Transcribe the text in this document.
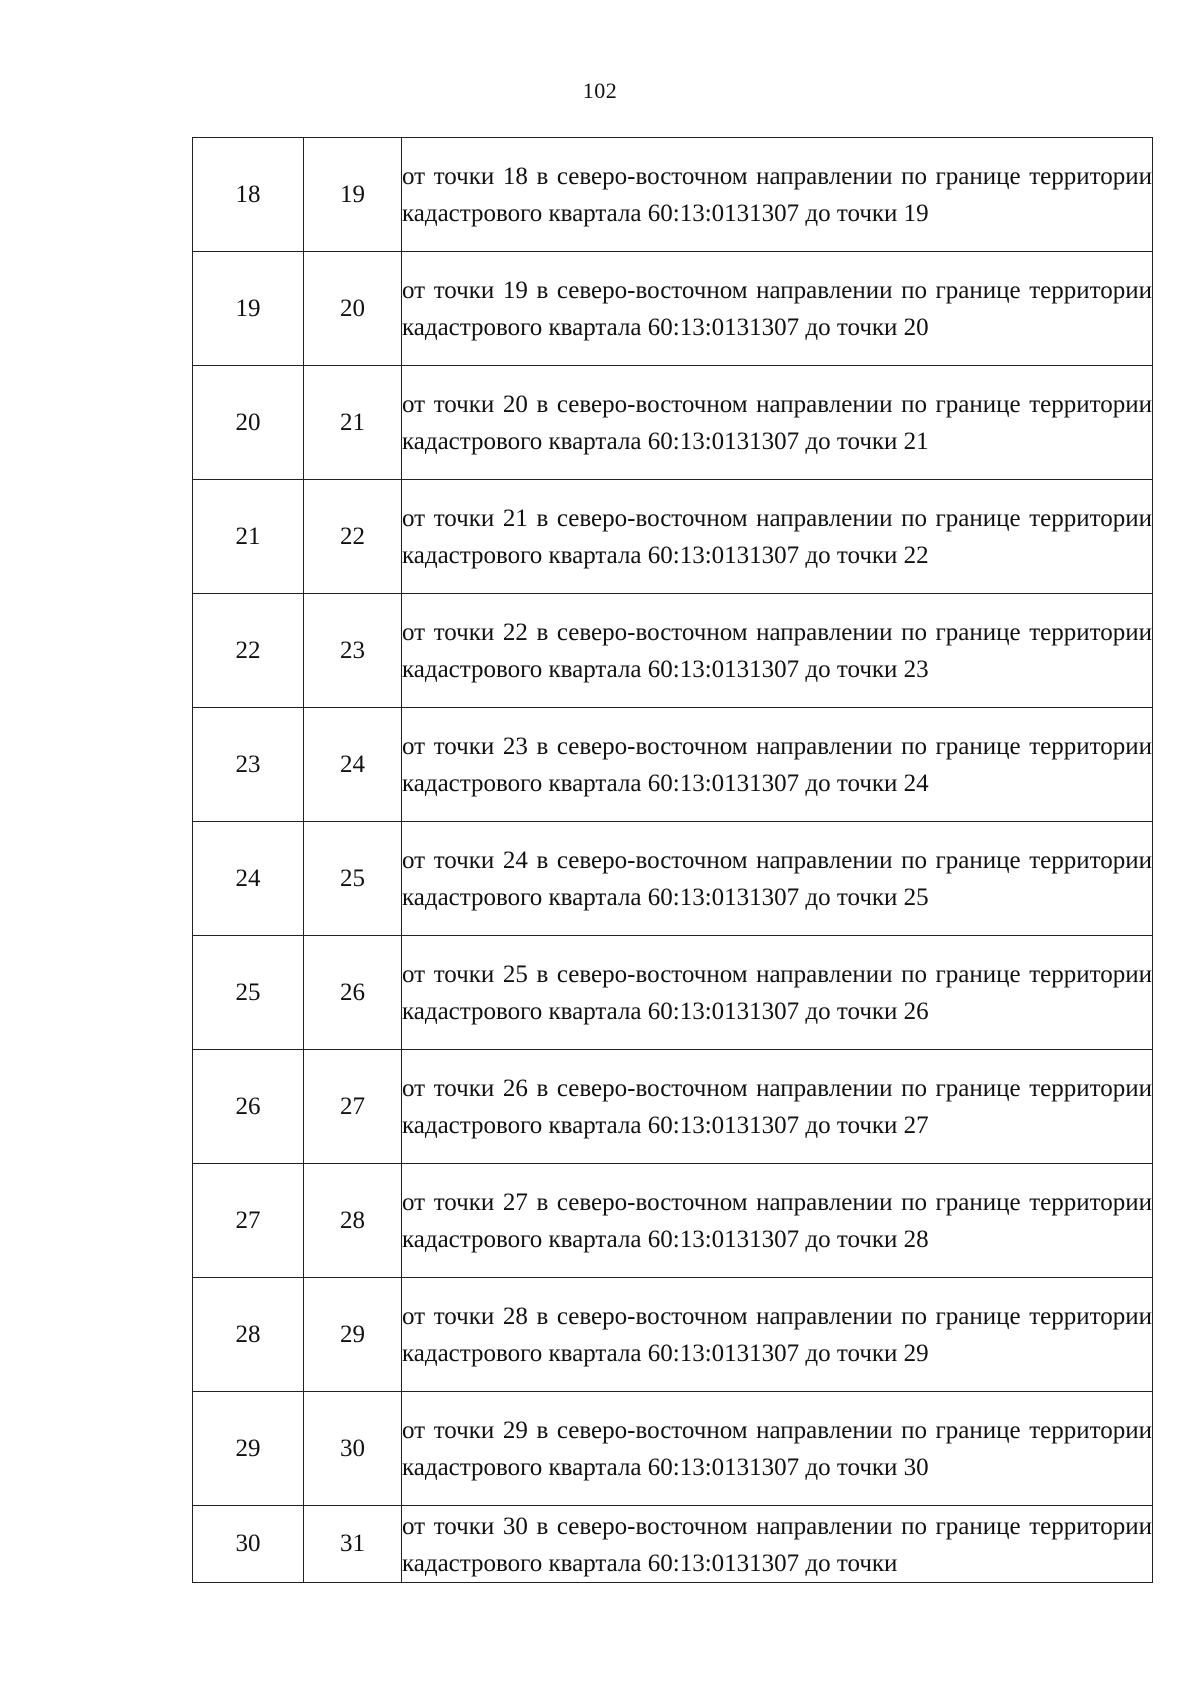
102
18	19	от точки 18 в северо-восточном направлении по границе территории кадастрового квартала 60:13:0131307 до точки 19

19	20	от точки 19 в северо-восточном направлении по границе территории кадастрового квартала 60:13:0131307 до точки 20

20	21	от точки 20 в северо-восточном направлении по границе территории кадастрового квартала 60:13:0131307 до точки 21

21	22	от точки 21 в северо-восточном направлении по границе территории кадастрового квартала 60:13:0131307 до точки 22

22	23	от точки 22 в северо-восточном направлении по границе территории кадастрового квартала 60:13:0131307 до точки 23

23	24	от точки 23 в северо-восточном направлении по границе территории кадастрового квартала 60:13:0131307 до точки 24

24	25	от точки 24 в северо-восточном направлении по границе территории кадастрового квартала 60:13:0131307 до точки 25

25	26	от точки 25 в северо-восточном направлении по границе территории кадастрового квартала 60:13:0131307 до точки 26

26	27	от точки 26 в северо-восточном направлении по границе территории кадастрового квартала 60:13:0131307 до точки 27

27	28	от точки 27 в северо-восточном направлении по границе территории кадастрового квартала 60:13:0131307 до точки 28

28	29	от точки 28 в северо-восточном направлении по границе территории кадастрового квартала 60:13:0131307 до точки 29

29	30	от точки 29 в северо-восточном направлении по границе территории кадастрового квартала 60:13:0131307 до точки 30

30	31	от точки 30 в северо-восточном направлении по границе территории кадастрового квартала 60:13:0131307 до точки
